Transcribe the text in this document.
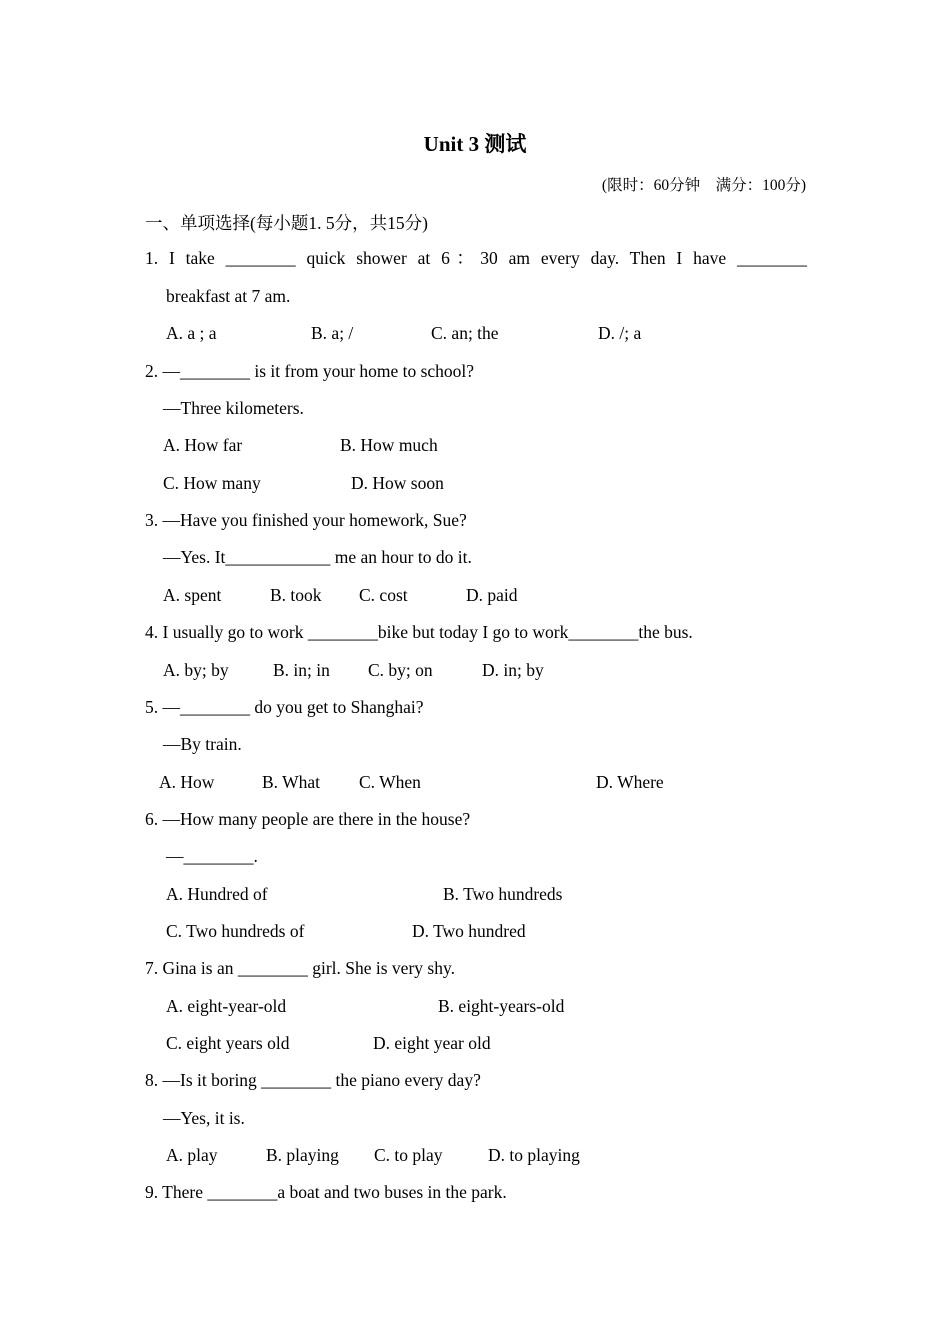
Unit 3 测试
(限时：60分钟　满分：100分)
一、单项选择(每小题1. 5分，共15分)
1. I take ________ quick shower at 6：30 am every day. Then I have ________
breakfast at 7 am.
A. a ; a	B. a; /	C. an; the	D. /; a
2. —________ is it from your home to school?
—Three kilometers.
A. How far	B. How much
C. How many	D. How soon
3. —Have you finished your homework, Sue?
—Yes. It____________ me an hour to do it.
A. spent	B. took C. cost	D. paid
4. I usually go to work ________bike but today I go to work________the bus.
A. by; by	B. in; in C. by; on	D. in; by
5. —________ do you get to Shanghai?
—By train.
A. How	B. What C. When	D. Where
6. —How many people are there in the house?
—________.
A. Hundred of	B. Two hundreds
C. Two hundreds of	D. Two hundred
7. Gina is an ________ girl. She is very shy.
A. eight-year-old	B. eight-years-old
C. eight years old	D. eight year old
8. —Is it boring ________ the piano every day?
—Yes, it is.
A. play	B. playing C. to play	D. to playing
9. There ________a boat and two buses in the park.
